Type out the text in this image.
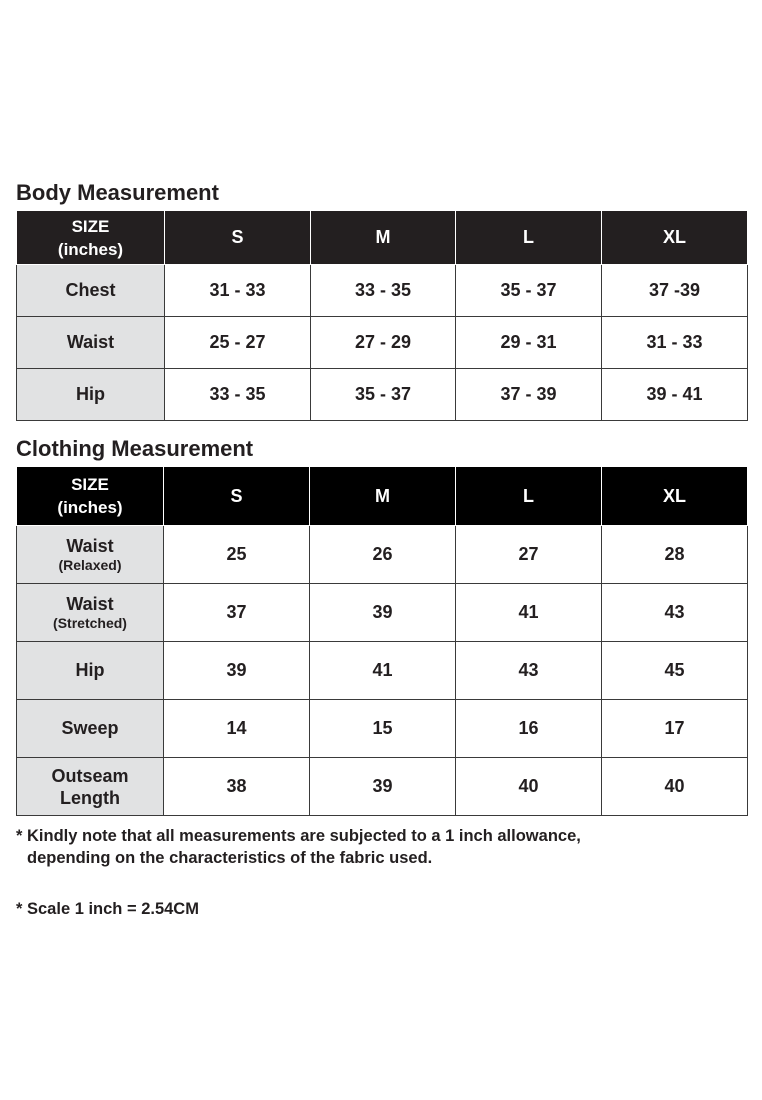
Body Measurement
SIZE
(inches)	S	M	L	XL
Chest	31 - 33	33 - 35	35 - 37	37 -39
Waist	25 - 27	27 - 29	29 - 31	31 - 33
Hip	33 - 35	35 - 37	37 - 39	39 - 41
Clothing Measurement
SIZE
(inches)	S	M	L	XL

Waist
(Relaxed)	25	26	27	28

Waist
(Stretched)	37	39	41	43
Hip	39	41	43	45
Sweep	14	15	16	17

Outseam
Length	38	39	40	40

* Kindly note that all measurements are subjected to a 1 inch allowance,
depending on the characteristics of the fabric used.

* Scale 1 inch = 2.54CM
